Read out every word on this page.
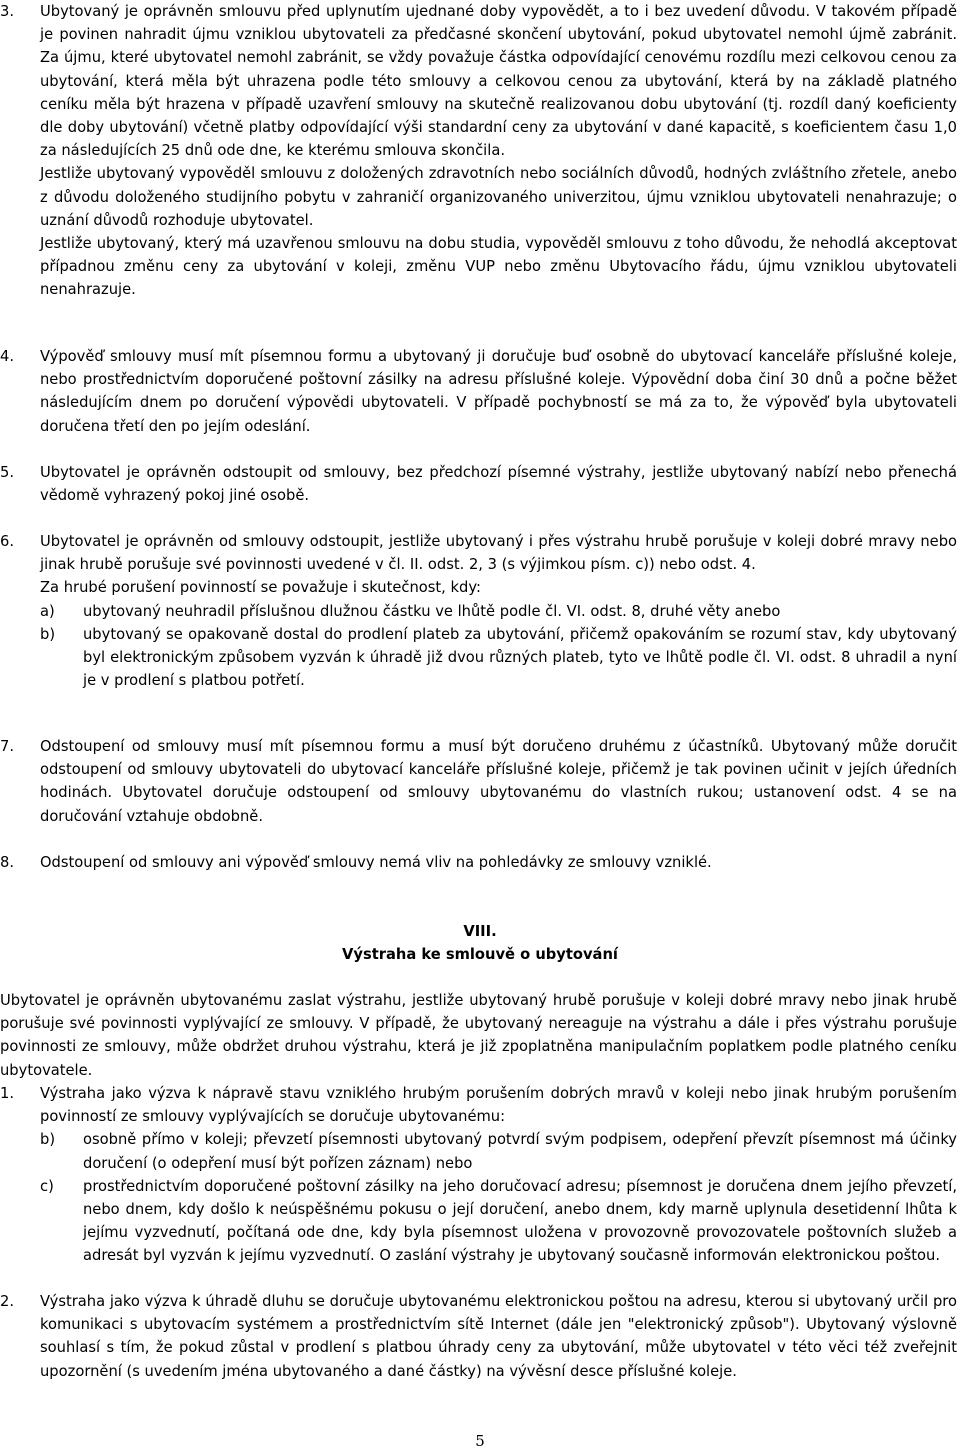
3.	Ubytovaný je oprávněn smlouvu před uplynutím ujednané doby vypovědět, a to i bez uvedení důvodu. V takovém případě je povinen nahradit újmu vzniklou ubytovateli za předčasné skončení ubytování, pokud ubytovatel nemohl újmě zabránit. Za újmu, které ubytovatel nemohl zabránit, se vždy považuje částka odpovídající cenovému rozdílu mezi celkovou cenou za ubytování, která měla být uhrazena podle této smlouvy a celkovou cenou za ubytování, která by na základě platného ceníku měla být hrazena v případě uzavření smlouvy na skutečně realizovanou dobu ubytování (tj. rozdíl daný koeficienty dle doby ubytování) včetně platby odpovídající výši standardní ceny za ubytování v dané kapacitě, s koeficientem času 1,0 za následujících 25 dnů ode dne, ke kterému smlouva skončila.

Jestliže ubytovaný vypověděl smlouvu z doložených zdravotních nebo sociálních důvodů, hodných zvláštního zřetele, anebo z důvodu doloženého studijního pobytu v zahraničí organizovaného univerzitou, újmu vzniklou ubytovateli nenahrazuje; o uznání důvodů rozhoduje ubytovatel.

Jestliže ubytovaný, který má uzavřenou smlouvu na dobu studia, vypověděl smlouvu z toho důvodu, že nehodlá akceptovat případnou změnu ceny za ubytování v koleji, změnu VUP nebo změnu Ubytovacího řádu, újmu vzniklou ubytovateli nenahrazuje.

4.	Výpověď smlouvy musí mít písemnou formu a ubytovaný ji doručuje buď osobně do ubytovací kanceláře příslušné koleje, nebo prostřednictvím doporučené poštovní zásilky na adresu příslušné koleje. Výpovědní doba činí 30 dnů a počne běžet následujícím dnem po doručení výpovědi ubytovateli. V případě pochybností se má za to, že výpověď byla ubytovateli doručena třetí den po jejím odeslání.

5.	Ubytovatel je oprávněn odstoupit od smlouvy, bez předchozí písemné výstrahy, jestliže ubytovaný nabízí nebo přenechá vědomě vyhrazený pokoj jiné osobě.

6.	Ubytovatel je oprávněn od smlouvy odstoupit, jestliže ubytovaný i přes výstrahu hrubě porušuje v koleji dobré mravy nebo jinak hrubě porušuje své povinnosti uvedené v čl. II. odst. 2, 3 (s výjimkou písm. c)) nebo odst. 4.

Za hrubé porušení povinností se považuje i skutečnost, kdy:

a) ubytovaný neuhradil příslušnou dlužnou částku ve lhůtě podle čl. VI. odst. 8, druhé věty anebo
b) ubytovaný se opakovaně dostal do prodlení plateb za ubytování, přičemž opakováním se rozumí stav, kdy ubytovaný byl elektronickým způsobem vyzván k úhradě již dvou různých plateb, tyto ve lhůtě podle čl. VI. odst. 8 uhradil a nyní je v prodlení s platbou potřetí.
7.	Odstoupení od smlouvy musí mít písemnou formu a musí být doručeno druhému z účastníků. Ubytovaný může doručit odstoupení od smlouvy ubytovateli do ubytovací kanceláře příslušné koleje, přičemž je tak povinen učinit v jejích úředních hodinách. Ubytovatel doručuje odstoupení od smlouvy ubytovanému do vlastních rukou; ustanovení odst. 4 se na doručování vztahuje obdobně.

8.	Odstoupení od smlouvy ani výpověď smlouvy nemá vliv na pohledávky ze smlouvy vzniklé.

VIII.
Výstraha ke smlouvě o ubytování
Ubytovatel je oprávněn ubytovanému zaslat výstrahu, jestliže ubytovaný hrubě porušuje v koleji dobré mravy nebo jinak hrubě porušuje své povinnosti vyplývající ze smlouvy. V případě, že ubytovaný nereaguje na výstrahu a dále i přes výstrahu porušuje povinnosti ze smlouvy, může obdržet druhou výstrahu, která je již zpoplatněna manipulačním poplatkem podle platného ceníku ubytovatele.
1.	Výstraha jako výzva k nápravě stavu vzniklého hrubým porušením dobrých mravů v koleji nebo jinak hrubým porušením povinností ze smlouvy vyplývajících se doručuje ubytovanému:
b) osobně přímo v koleji; převzetí písemnosti ubytovaný potvrdí svým podpisem, odepření převzít písemnost má účinky doručení (o odepření musí být pořízen záznam) nebo
c) prostřednictvím doporučené poštovní zásilky na jeho doručovací adresu; písemnost je doručena dnem jejího převzetí, nebo dnem, kdy došlo k neúspěšnému pokusu o její doručení, anebo dnem, kdy marně uplynula desetidenní lhůta k jejímu vyzvednutí, počítaná ode dne, kdy byla písemnost uložena v provozovně provozovatele poštovních služeb a adresát byl vyzván k jejímu vyzvednutí. O zaslání výstrahy je ubytovaný současně informován elektronickou poštou.
2.	Výstraha jako výzva k úhradě dluhu se doručuje ubytovanému elektronickou poštou na adresu, kterou si ubytovaný určil pro komunikaci s ubytovacím systémem a prostřednictvím sítě Internet (dále jen "elektronický způsob"). Ubytovaný výslovně souhlasí s tím, že pokud zůstal v prodlení s platbou úhrady ceny za ubytování, může ubytovatel v této věci též zveřejnit upozornění (s uvedením jména ubytovaného a dané částky) na vývěsní desce příslušné koleje.
5
